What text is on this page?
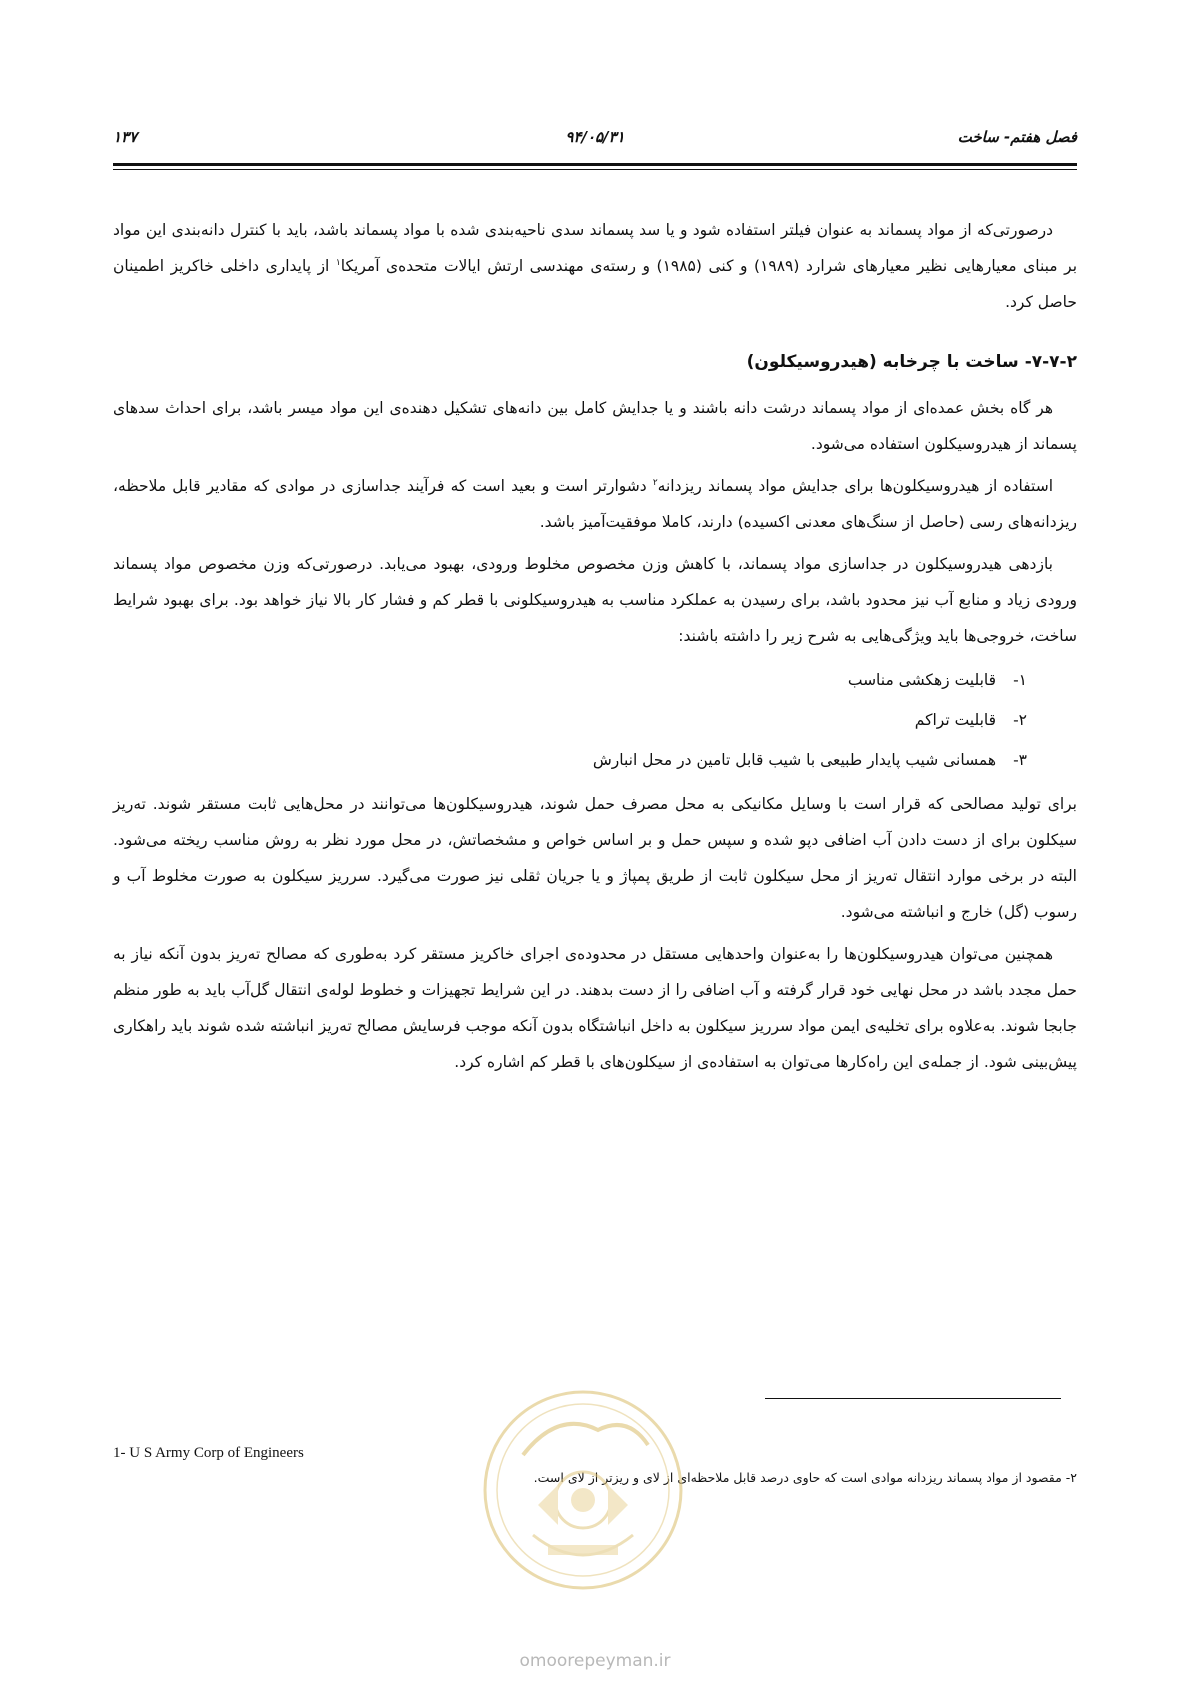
فصل هفتم- ساخت
۹۴/۰۵/۳۱
۱۳۷

درصورتی‌که از مواد پسماند به عنوان فیلتر استفاده شود و یا سد پسماند سدی ناحیه‌بندی شده با مواد پسماند باشد، باید با کنترل دانه‌بندی این مواد بر مبنای معیارهایی نظیر معیارهای شرارد (۱۹۸۹) و کنی (۱۹۸۵) و رسته‌ی مهندسی ارتش ایالات متحده‌ی آمریکا$^۱$ از پایداری داخلی خاکریز اطمینان حاصل کرد.

۷-۷-۲- ساخت با چرخابه (هیدروسیکلون)

هر گاه بخش عمده‌ای از مواد پسماند درشت دانه باشند و یا جدایش کامل بین دانه‌های تشکیل دهنده‌ی این مواد میسر باشد، برای احداث سدهای پسماند از هیدروسیکلون استفاده می‌شود.

استفاده از هیدروسیکلون‌ها برای جدایش مواد پسماند ریزدانه$^۲$ دشوارتر است و بعید است که فرآیند جداسازی در موادی که مقادیر قابل ملاحظه، ریزدانه‌های رسی (حاصل از سنگ‌های معدنی اکسیده) دارند، کاملا موفقیت‌آمیز باشد.

بازدهی هیدروسیکلون در جداسازی مواد پسماند، با کاهش وزن مخصوص مخلوط ورودی، بهبود می‌یابد. درصورتی‌که وزن مخصوص مواد پسماند ورودی زیاد و منابع آب نیز محدود باشد، برای رسیدن به عملکرد مناسب به هیدروسیکلونی با قطر کم و فشار کار بالا نیاز خواهد بود. برای بهبود شرایط ساخت، خروجی‌ها باید ویژگی‌هایی به شرح زیر را داشته باشند:

۱- قابلیت زهکشی مناسب
۲- قابلیت تراکم
۳- همسانی شیب پایدار طبیعی با شیب قابل تامین در محل انبارش

برای تولید مصالحی که قرار است با وسایل مکانیکی به محل مصرف حمل شوند، هیدروسیکلون‌ها می‌توانند در محل‌هایی ثابت مستقر شوند. ته‌ریز سیکلون برای از دست دادن آب اضافی دپو شده و سپس حمل و بر اساس خواص و مشخصاتش، در محل مورد نظر به روش مناسب ریخته می‌شود. البته در برخی موارد انتقال ته‌ریز از محل سیکلون ثابت از طریق پمپاژ و یا جریان ثقلی نیز صورت می‌گیرد. سرریز سیکلون به صورت مخلوط آب و رسوب (گل) خارج و انباشته می‌شود.

همچنین می‌توان هیدروسیکلون‌ها را به‌عنوان واحدهایی مستقل در محدوده‌ی اجرای خاکریز مستقر کرد به‌طوری که مصالح ته‌ریز بدون آنکه نیاز به حمل مجدد باشد در محل نهایی خود قرار گرفته و آب اضافی را از دست بدهند. در این شرایط تجهیزات و خطوط لوله‌ی انتقال گل‌آب باید به طور منظم جابجا شوند. به‌علاوه برای تخلیه‌ی ایمن مواد سرریز سیکلون به داخل انباشتگاه بدون آنکه موجب فرسایش مصالح ته‌ریز انباشته شده شوند باید راهکاری پیش‌بینی شود. از جمله‌ی این راه‌کارها می‌توان به استفاده‌ی از سیکلون‌های با قطر کم اشاره کرد.

1- U S Army Corp of Engineers
۲- مقصود از مواد پسماند ریزدانه موادی است که حاوی درصد قابل ملاحظه‌ای از لای و ریزتر از لای است.
omoorepeyman.ir
